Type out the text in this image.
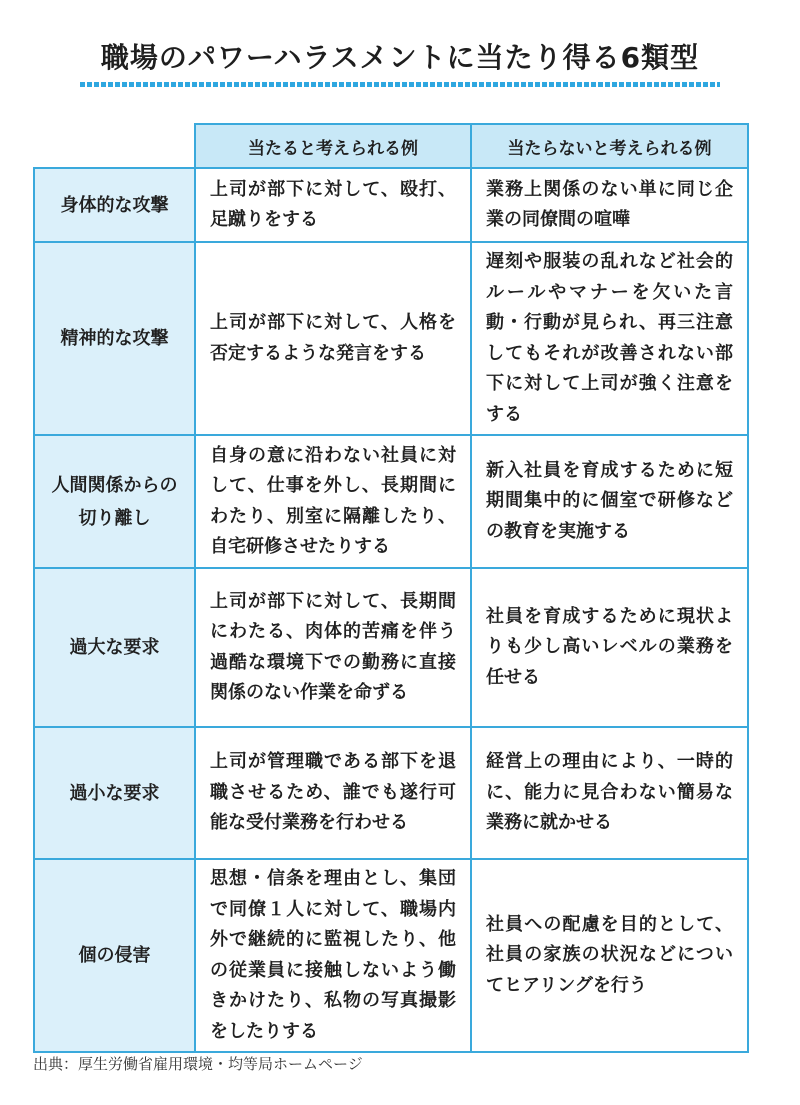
職場のパワーハラスメントに当たり得る6類型
	当たると考えられる例	当たらないと考えられる例
身体的な攻撃	上司が部下に対して、殴打、足蹴りをする	業務上関係のない単に同じ企業の同僚間の喧嘩
精神的な攻撃	上司が部下に対して、人格を否定するような発言をする	遅刻や服装の乱れなど社会的ルールやマナーを欠いた言動・行動が見られ、再三注意してもそれが改善されない部下に対して上司が強く注意をする
人間関係からの切り離し	自身の意に沿わない社員に対して、仕事を外し、長期間にわたり、別室に隔離したり、自宅研修させたりする	新入社員を育成するために短期間集中的に個室で研修などの教育を実施する
過大な要求	上司が部下に対して、長期間にわたる、肉体的苦痛を伴う過酷な環境下での勤務に直接関係のない作業を命ずる	社員を育成するために現状よりも少し高いレベルの業務を任せる
過小な要求	上司が管理職である部下を退職させるため、誰でも遂行可能な受付業務を行わせる	経営上の理由により、一時的に、能力に見合わない簡易な業務に就かせる
個の侵害	思想・信条を理由とし、集団で同僚１人に対して、職場内外で継続的に監視したり、他の従業員に接触しないよう働きかけたり、私物の写真撮影をしたりする	社員への配慮を目的として、社員の家族の状況などについてヒアリングを行う

出典：厚生労働省雇用環境・均等局ホームページ
